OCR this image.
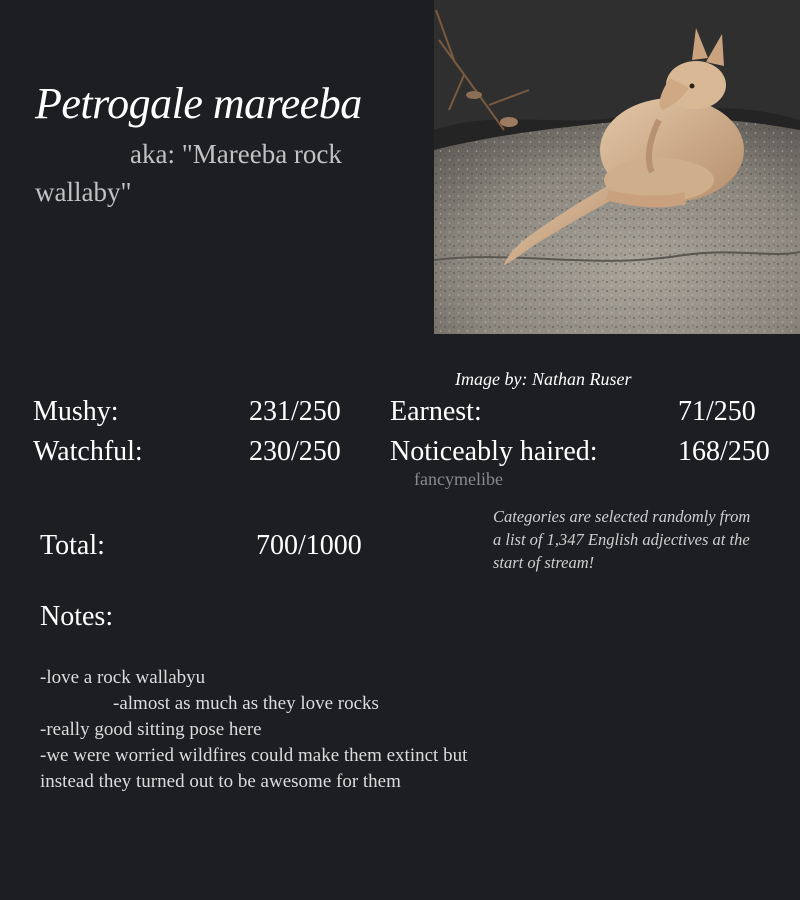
Petrogale mareeba
aka: "Mareeba rock wallaby"
Image by: Nathan Ruser
Mushy:	231/250
Watchful:	230/250
Earnest:	71/250
Noticeably haired:	168/250
fancymelibe
Categories are selected randomly from a list of 1,347 English adjectives at the start of stream!
Total:	700/1000
Notes:
-love a rock wallabyu
-almost as much as they love rocks
-really good sitting pose here
-we were worried wildfires could make them extinct but
instead they turned out to be awesome for them
